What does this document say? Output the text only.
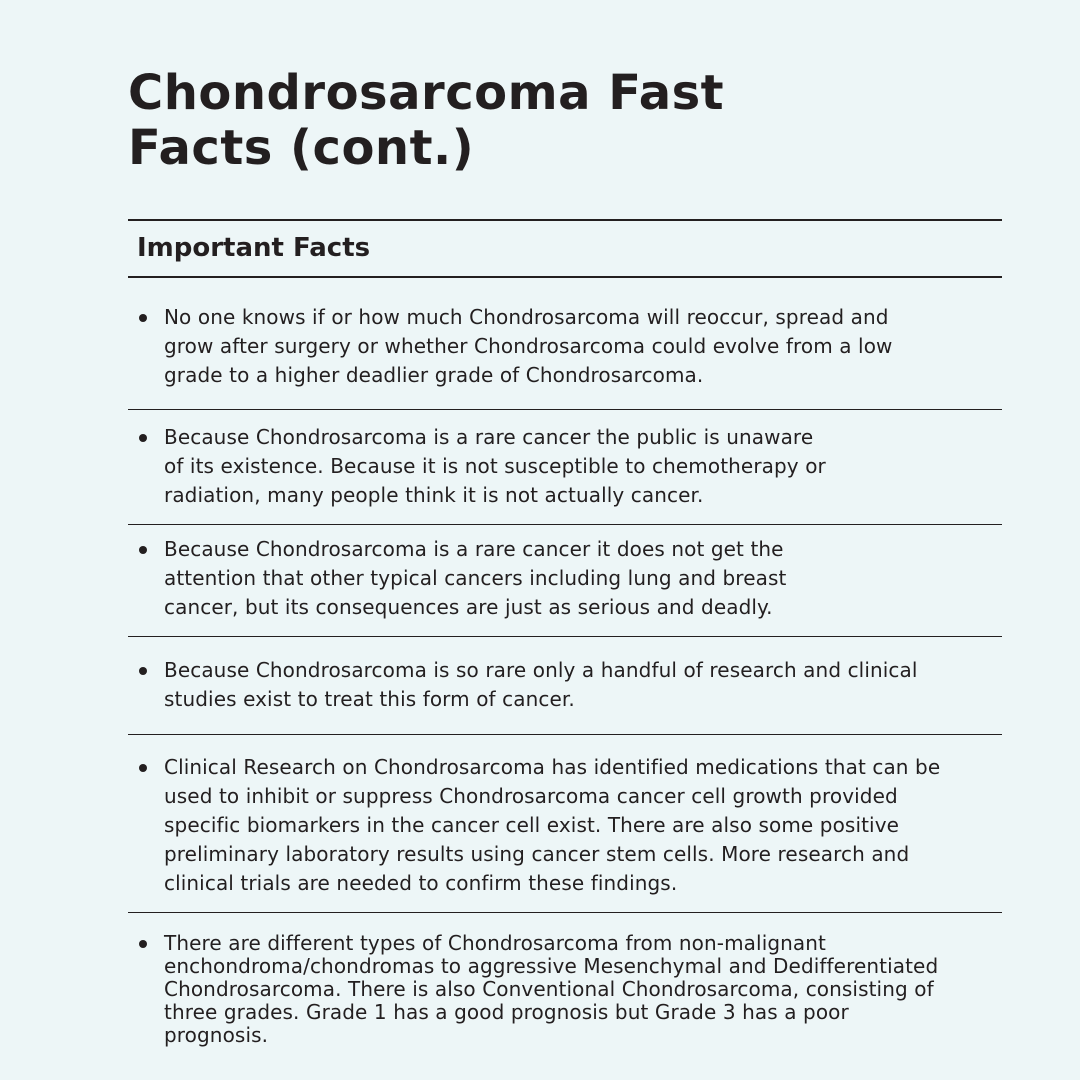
Chondrosarcoma Fast
Facts (cont.)
Important Facts

No one knows if or how much Chondrosarcoma will reoccur, spread and
grow after surgery or whether Chondrosarcoma could evolve from a low
grade to a higher deadlier grade of Chondrosarcoma.

Because Chondrosarcoma is a rare cancer the public is unaware
of its existence. Because it is not susceptible to chemotherapy or
radiation, many people think it is not actually cancer.

Because Chondrosarcoma is a rare cancer it does not get the
attention that other typical cancers including lung and breast
cancer, but its consequences are just as serious and deadly.

Because Chondrosarcoma is so rare only a handful of research and clinical
studies exist to treat this form of cancer.

Clinical Research on Chondrosarcoma has identified medications that can be
used to inhibit or suppress Chondrosarcoma cancer cell growth provided
specific biomarkers in the cancer cell exist. There are also some positive
preliminary laboratory results using cancer stem cells. More research and
clinical trials are needed to confirm these findings.

There are different types of Chondrosarcoma from non-malignant
enchondroma/chondromas to aggressive Mesenchymal and Dedifferentiated
Chondrosarcoma. There is also Conventional Chondrosarcoma, consisting of
three grades. Grade 1 has a good prognosis but Grade 3 has a poor
prognosis.
